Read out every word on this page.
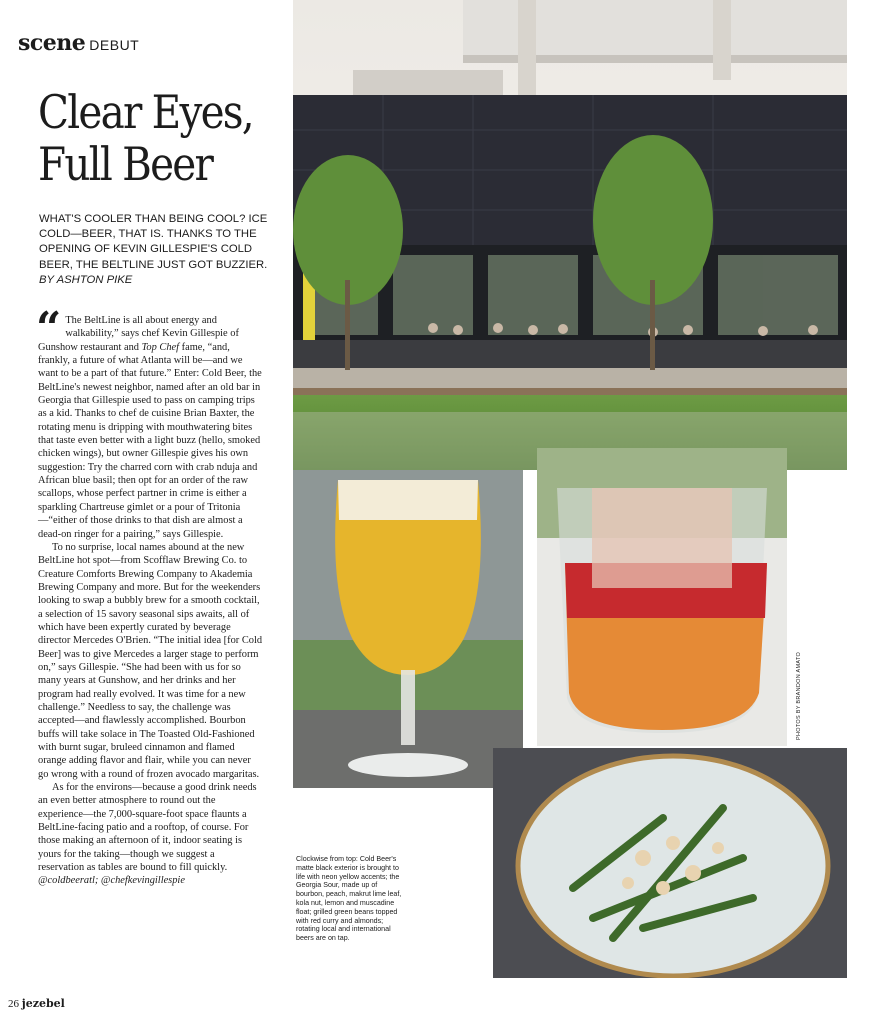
scene DEBUT
Clear Eyes,
Full Beer

WHAT'S COOLER THAN BEING COOL? ICE COLD—BEER, THAT IS. THANKS TO THE OPENING OF KEVIN GILLESPIE'S COLD BEER, THE BELTLINE JUST GOT BUZZIER. BY ASHTON PIKE

“ The BeltLine is all about energy and walkability,” says chef Kevin Gillespie of Gunshow restaurant and Top Chef fame, “and, frankly, a future of what Atlanta will be—and we want to be a part of that future.” Enter: Cold Beer, the BeltLine's newest neighbor, named after an old bar in Georgia that Gillespie used to pass on camping trips as a kid. Thanks to chef de cuisine Brian Baxter, the rotating menu is dripping with mouthwatering bites that taste even better with a light buzz (hello, smoked chicken wings), but owner Gillespie gives his own suggestion: Try the charred corn with crab nduja and African blue basil; then opt for an order of the raw scallops, whose perfect partner in crime is either a sparkling Chartreuse gimlet or a pour of Tritonia—“either of those drinks to that dish are almost a dead-on ringer for a pairing,” says Gillespie.

To no surprise, local names abound at the new BeltLine hot spot—from Scofflaw Brewing Co. to Creature Comforts Brewing Company to Akademia Brewing Company and more. But for the weekenders looking to swap a bubbly brew for a smooth cocktail, a selection of 15 savory seasonal sips awaits, all of which have been expertly curated by beverage director Mercedes O'Brien. “The initial idea [for Cold Beer] was to give Mercedes a larger stage to perform on,” says Gillespie. “She had been with us for so many years at Gunshow, and her drinks and her program had really evolved. It was time for a new challenge.” Needless to say, the challenge was accepted—and flawlessly accomplished. Bourbon buffs will take solace in The Toasted Old-Fashioned with burnt sugar, bruleed cinnamon and flamed orange adding flavor and flair, while you can never go wrong with a round of frozen avocado margaritas.

As for the environs—because a good drink needs an even better atmosphere to round out the experience—the 7,000-square-foot space flaunts a BeltLine-facing patio and a rooftop, of course. For those making an afternoon of it, indoor seating is yours for the taking—though we suggest a reservation as tables are bound to fill quickly. @coldbeeratl; @chefkevingillespie

Clockwise from top: Cold Beer's matte black exterior is brought to life with neon yellow accents; the Georgia Sour, made up of bourbon, peach, makrut lime leaf, kola nut, lemon and muscadine float; grilled green beans topped with red curry and almonds; rotating local and international beers are on tap.
PHOTOS BY BRANDON AMATO
26 jezebel
